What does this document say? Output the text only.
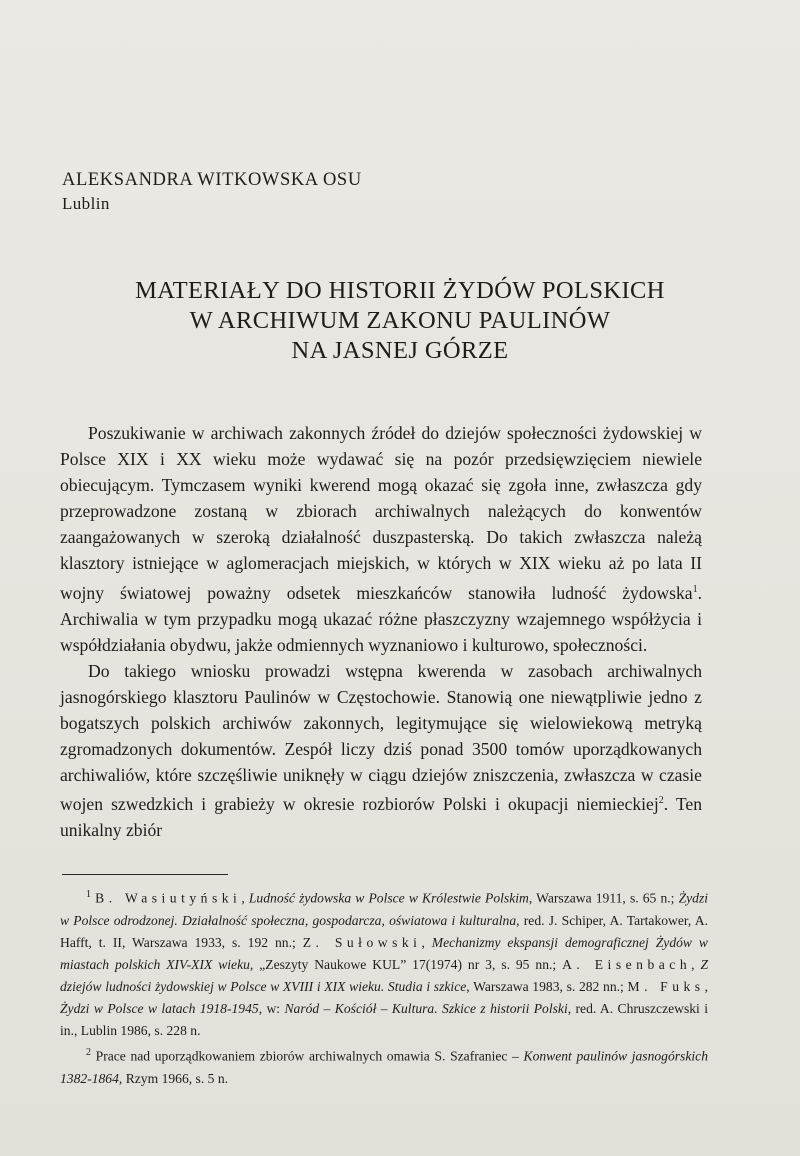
ALEKSANDRA WITKOWSKA OSU
Lublin
MATERIAŁY DO HISTORII ŻYDÓW POLSKICH
W ARCHIWUM ZAKONU PAULINÓW
NA JASNEJ GÓRZE

Poszukiwanie w archiwach zakonnych źródeł do dziejów społeczności żydowskiej w Polsce XIX i XX wieku może wydawać się na pozór przedsięwzięciem niewiele obiecującym. Tymczasem wyniki kwerend mogą okazać się zgoła inne, zwłaszcza gdy przeprowadzone zostaną w zbiorach archiwalnych należących do konwentów zaangażowanych w szeroką działalność duszpasterską. Do takich zwłaszcza należą klasztory istniejące w aglomeracjach miejskich, w których w XIX wieku aż po lata II wojny światowej poważny odsetek mieszkańców stanowiła ludność żydowska$^1$. Archiwalia w tym przypadku mogą ukazać różne płaszczyzny wzajemnego współżycia i współdziałania obydwu, jakże odmiennych wyznaniowo i kulturowo, społeczności.

Do takiego wniosku prowadzi wstępna kwerenda w zasobach archiwalnych jasnogórskiego klasztoru Paulinów w Częstochowie. Stanowią one niewątpliwie jedno z bogatszych polskich archiwów zakonnych, legitymujące się wielowiekową metryką zgromadzonych dokumentów. Zespół liczy dziś ponad 3500 tomów uporządkowanych archiwaliów, które szczęśliwie uniknęły w ciągu dziejów zniszczenia, zwłaszcza w czasie wojen szwedzkich i grabieży w okresie rozbiorów Polski i okupacji niemieckiej$^2$. Ten unikalny zbiór

$^1$ B. Wasiutyński, Ludność żydowska w Polsce w Królestwie Polskim, Warszawa 1911, s. 65 n.; Żydzi w Polsce odrodzonej. Działalność społeczna, gospodarcza, oświatowa i kulturalna, red. J. Schiper, A. Tartakower, A. Hafft, t. II, Warszawa 1933, s. 192 nn.; Z. Sułowski, Mechanizmy ekspansji demograficznej Żydów w miastach polskich XIV-XIX wieku, „Zeszyty Naukowe KUL” 17(1974) nr 3, s. 95 nn.; A. Eisenbach, Z dziejów ludności żydowskiej w Polsce w XVIII i XIX wieku. Studia i szkice, Warszawa 1983, s. 282 nn.; M. Fuks, Żydzi w Polsce w latach 1918-1945, w: Naród – Kościół – Kultura. Szkice z historii Polski, red. A. Chruszczewski i in., Lublin 1986, s. 228 n.

$^2$ Prace nad uporządkowaniem zbiorów archiwalnych omawia S. Szafraniec – Konwent paulinów jasnogórskich 1382-1864, Rzym 1966, s. 5 n.
